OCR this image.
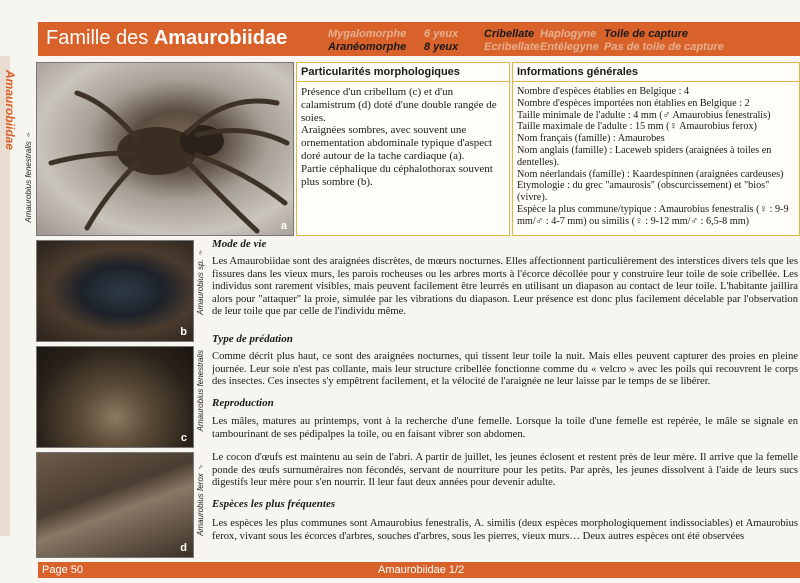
Amaurobiidae
Famille des Amaurobiidae	Mygalomorphe
Aranéomorphe
6 yeux
8 yeux
Cribellate
Ecribellate
Haplogyne
Entélegyne
Toile de capture
Pas de toile de capture
a
Amaurobius fenestralis ♀
b
Amaurobius sp. ♀
c
Amaurobius fenestralis
d
Amaurobius ferox ♂
Particularités morphologiques

Présence d'un cribellum (c) et d'un calamistrum (d) doté d'une double rangée de soies.

Araignées sombres, avec souvent une ornementation abdominale typique d'aspect doré autour de la tache cardiaque (a).

Partie céphalique du céphalothorax souvent plus sombre (b).

Informations générales

Nombre d'espèces établies en Belgique : 4

Nombre d'espèces importées non établies en Belgique : 2

Taille minimale de l'adulte : 4 mm (♂ Amaurobius fenestralis)

Taille maximale de l'adulte : 15 mm (♀ Amaurobius ferox)

Nom français (famille) : Amaurobes

Nom anglais (famille) : Laceweb spiders (araignées à toiles en dentelles).

Nom néerlandais (famille) : Kaardespinnen (araignées cardeuses)

Etymologie : du grec "amaurosis" (obscurcissement) et "bios" (vivre).

Espèce la plus commune/typique : Amaurobius fenestralis (♀ : 9-9 mm/♂ : 4-7 mm) ou similis (♀ : 9-12 mm/♂ : 6,5-8 mm)

Mode de vie
Les Amaurobiidae sont des araignées discrètes, de mœurs nocturnes. Elles affectionnent particulièrement des interstices divers tels que les fissures dans les vieux murs, les parois rocheuses ou les arbres morts à l'écorce décollée pour y construire leur toile de soie cribellée. Les individus sont rarement visibles, mais peuvent facilement être leurrés en utilisant un diapason au contact de leur toile. L'habitante jaillira alors pour "attaquer" la proie, simulée par les vibrations du diapason. Leur présence est donc plus facilement décelable par l'observation de leur toile que par celle de l'individu même.
Type de prédation
Comme décrit plus haut, ce sont des araignées nocturnes, qui tissent leur toile la nuit. Mais elles peuvent capturer des proies en pleine journée. Leur soie n'est pas collante, mais leur structure cribellée fonctionne comme du « velcro » avec les poils qui recouvrent le corps des insectes. Ces insectes s'y empêtrent facilement, et la vélocité de l'araignée ne leur laisse par le temps de se libérer.
Reproduction
Les mâles, matures au printemps, vont à la recherche d'une femelle. Lorsque la toile d'une femelle est repérée, le mâle se signale en tambourinant de ses pédipalpes la toile, ou en faisant vibrer son abdomen.
Le cocon d'œufs est maintenu au sein de l'abri. A partir de juillet, les jeunes éclosent et restent près de leur mère. Il arrive que la femelle ponde des œufs surnuméraires non fécondés, servant de nourriture pour les petits. Par après, les jeunes dissolvent à l'aide de leurs sucs digestifs leur mère pour s'en nourrir. Il leur faut deux années pour devenir adulte.
Espèces les plus fréquentes
Les espèces les plus communes sont Amaurobius fenestralis, A. similis (deux espèces morphologiquement indissociables) et Amaurobius ferox, vivant sous les écorces d'arbres, souches d'arbres, sous les pierres, vieux murs… Deux autres espèces ont été observées
Page 50	Amaurobiidae 1/2
